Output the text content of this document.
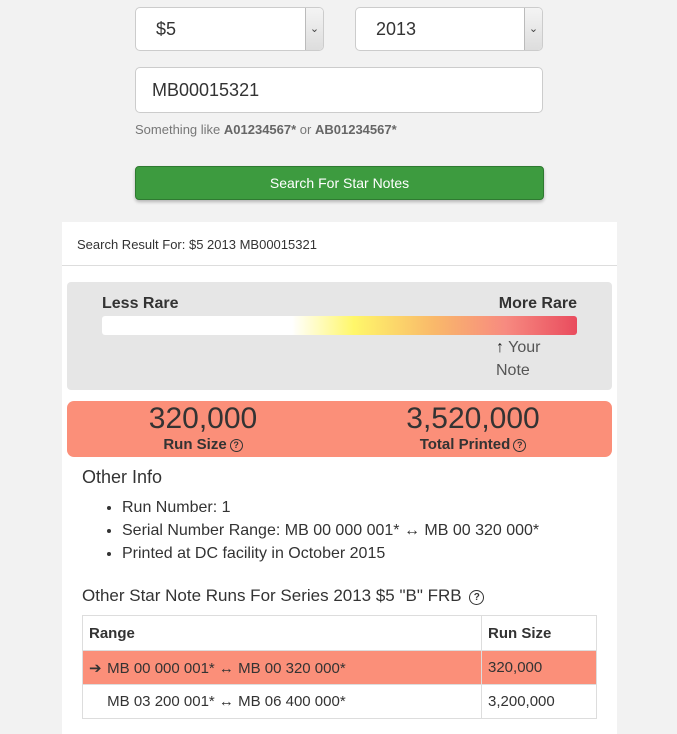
$5	⌄	2013	⌄
MB00015321
Something like A01234567* or AB01234567*
Search For Star Notes
Search Result For: $5 2013 MB00015321
Less Rare	More Rare
↑ Your
Note
320,000
Run Size ?
3,520,000
Total Printed ?
Other Info
• Run Number: 1
• Serial Number Range: MB 00 000 001* ↔ MB 00 320 000*
• Printed at DC facility in October 2015
Other Star Note Runs For Series 2013 $5 "B" FRB ?
Range	Run Size
➔ MB 00 000 001* ↔ MB 00 320 000*	320,000
MB 03 200 001* ↔ MB 06 400 000*	3,200,000
